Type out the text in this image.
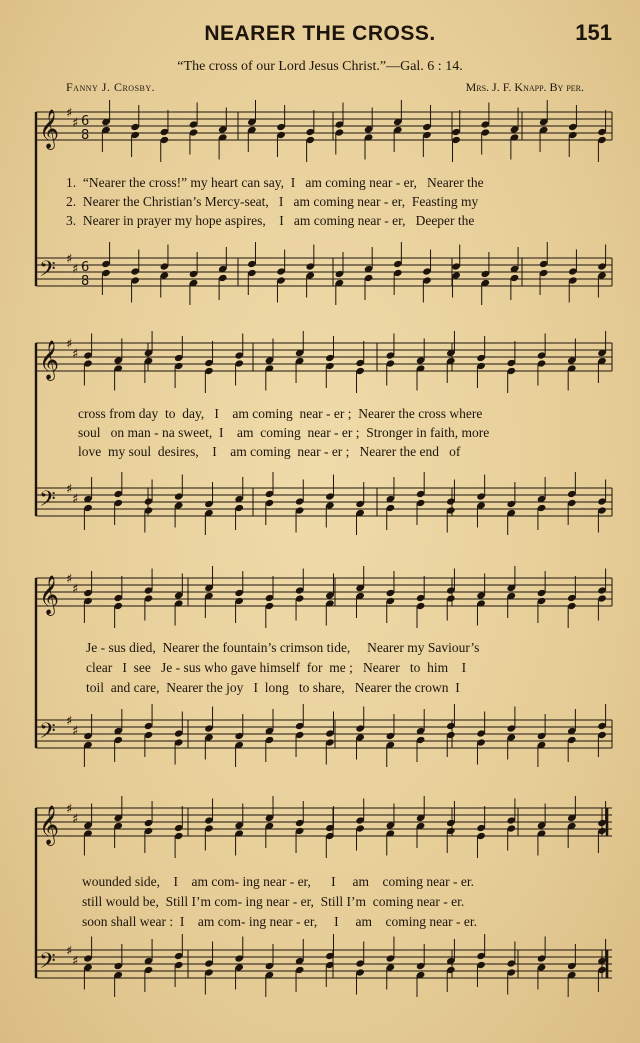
NEARER THE CROSS.	151
“The cross of our Lord Jesus Christ.”—Gal. 6 : 14.
Fanny J. Crosby.	Mrs. J. F. Knapp. By per.
𝄞
𝄢
♯
♯
♯
♯
6
8
6
8
𝄞
𝄢
♯
♯
♯
♯
𝄞
𝄢
♯
♯
♯
♯
𝄞
𝄢
♯
♯
♯
♯
1.  “Nearer the cross!” my heart can say,  I   am coming near - er,   Nearer the
2.  Nearer the Christian’s Mercy-seat,   I   am coming near - er,  Feasting my
3.  Nearer in prayer my hope aspires,    I   am coming near - er,   Deeper the
cross from day  to  day,   I    am coming  near - er ;  Nearer the cross where
soul   on man - na sweet,  I    am  coming  near - er ;  Stronger in faith, more
love  my soul  desires,    I    am coming  near - er ;   Nearer the end   of
Je - sus died,  Nearer the fountain’s crimson tide,     Nearer my Saviour’s
clear   I  see   Je - sus who gave himself  for  me ;   Nearer   to  him    I
toil  and care,  Nearer the joy   I  long   to share,   Nearer the crown  I
wounded side,    I    am com- ing near - er,      I     am    coming near - er.
still would be,  Still I’m com- ing near - er,  Still I’m  coming near - er.
soon shall wear :  I    am com- ing near - er,     I     am    coming near - er.
